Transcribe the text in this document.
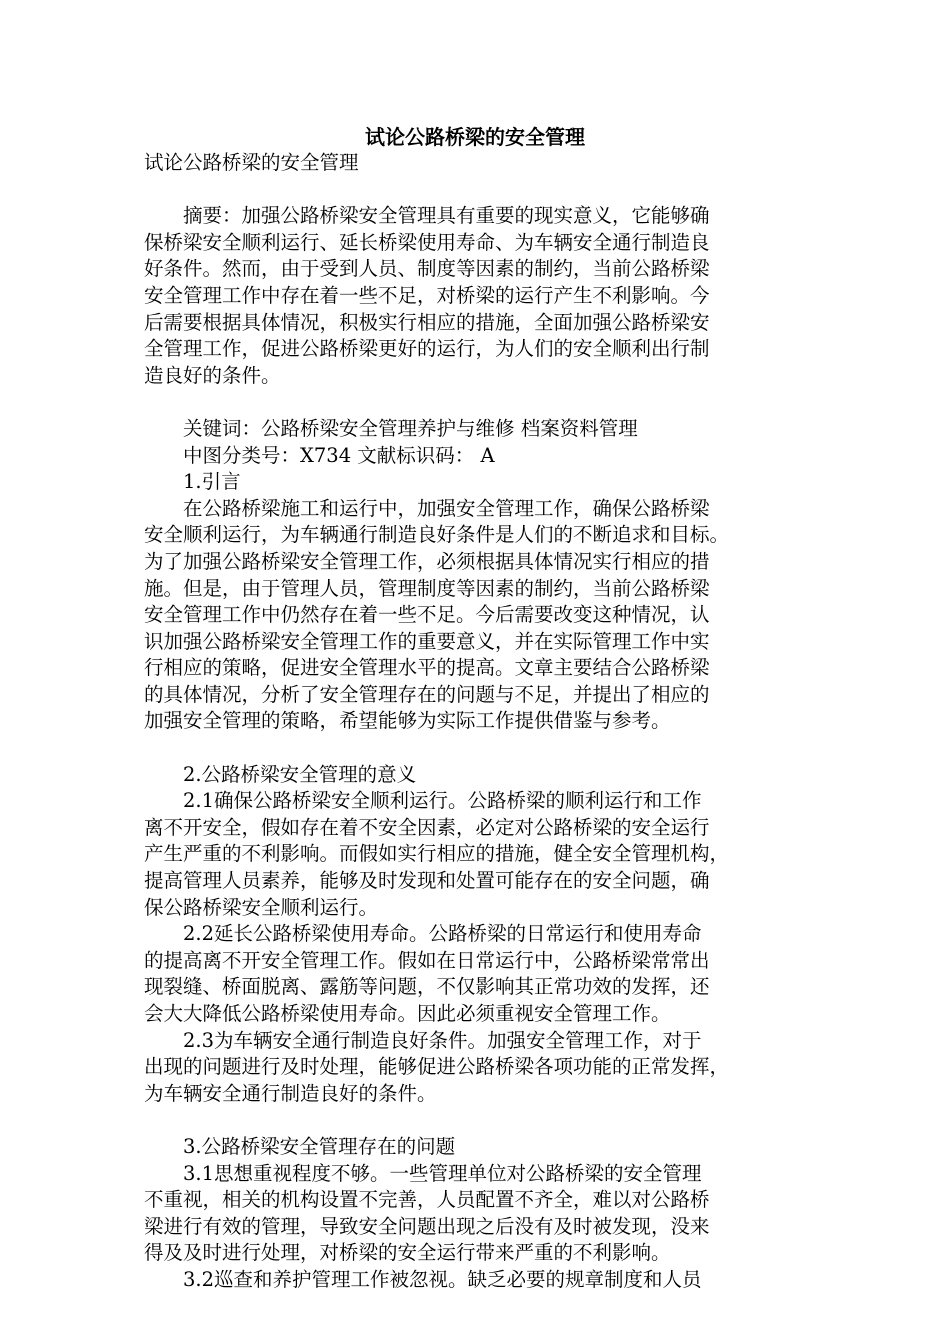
试论公路桥梁的安全管理

试论公路桥梁的安全管理

　　摘要：加强公路桥梁安全管理具有重要的现实意义，它能够确

保桥梁安全顺利运行、延长桥梁使用寿命、为车辆安全通行制造良

好条件。然而，由于受到人员、制度等因素的制约，当前公路桥梁

安全管理工作中存在着一些不足，对桥梁的运行产生不利影响。今

后需要根据具体情况，积极实行相应的措施，全面加强公路桥梁安

全管理工作，促进公路桥梁更好的运行，为人们的安全顺利出行制

造良好的条件。

　　关键词：公路桥梁安全管理养护与维修 档案资料管理

　　中图分类号：X734 文献标识码： A

　　1.引言

　　在公路桥梁施工和运行中，加强安全管理工作，确保公路桥梁

安全顺利运行，为车辆通行制造良好条件是人们的不断追求和目标。

为了加强公路桥梁安全管理工作，必须根据具体情况实行相应的措

施。但是，由于管理人员，管理制度等因素的制约，当前公路桥梁

安全管理工作中仍然存在着一些不足。今后需要改变这种情况，认

识加强公路桥梁安全管理工作的重要意义，并在实际管理工作中实

行相应的策略，促进安全管理水平的提高。文章主要结合公路桥梁

的具体情况，分析了安全管理存在的问题与不足，并提出了相应的

加强安全管理的策略，希望能够为实际工作提供借鉴与参考。

　　2.公路桥梁安全管理的意义

　　2.1确保公路桥梁安全顺利运行。公路桥梁的顺利运行和工作

离不开安全，假如存在着不安全因素，必定对公路桥梁的安全运行

产生严重的不利影响。而假如实行相应的措施，健全安全管理机构，

提高管理人员素养，能够及时发现和处置可能存在的安全问题，确

保公路桥梁安全顺利运行。

　　2.2延长公路桥梁使用寿命。公路桥梁的日常运行和使用寿命

的提高离不开安全管理工作。假如在日常运行中，公路桥梁常常出

现裂缝、桥面脱离、露筋等问题，不仅影响其正常功效的发挥，还

会大大降低公路桥梁使用寿命。因此必须重视安全管理工作。

　　2.3为车辆安全通行制造良好条件。加强安全管理工作，对于

出现的问题进行及时处理，能够促进公路桥梁各项功能的正常发挥，

为车辆安全通行制造良好的条件。

　　3.公路桥梁安全管理存在的问题

　　3.1思想重视程度不够。一些管理单位对公路桥梁的安全管理

不重视，相关的机构设置不完善，人员配置不齐全，难以对公路桥

梁进行有效的管理，导致安全问题出现之后没有及时被发现，没来

得及及时进行处理，对桥梁的安全运行带来严重的不利影响。

　　3.2巡查和养护管理工作被忽视。缺乏必要的规章制度和人员
